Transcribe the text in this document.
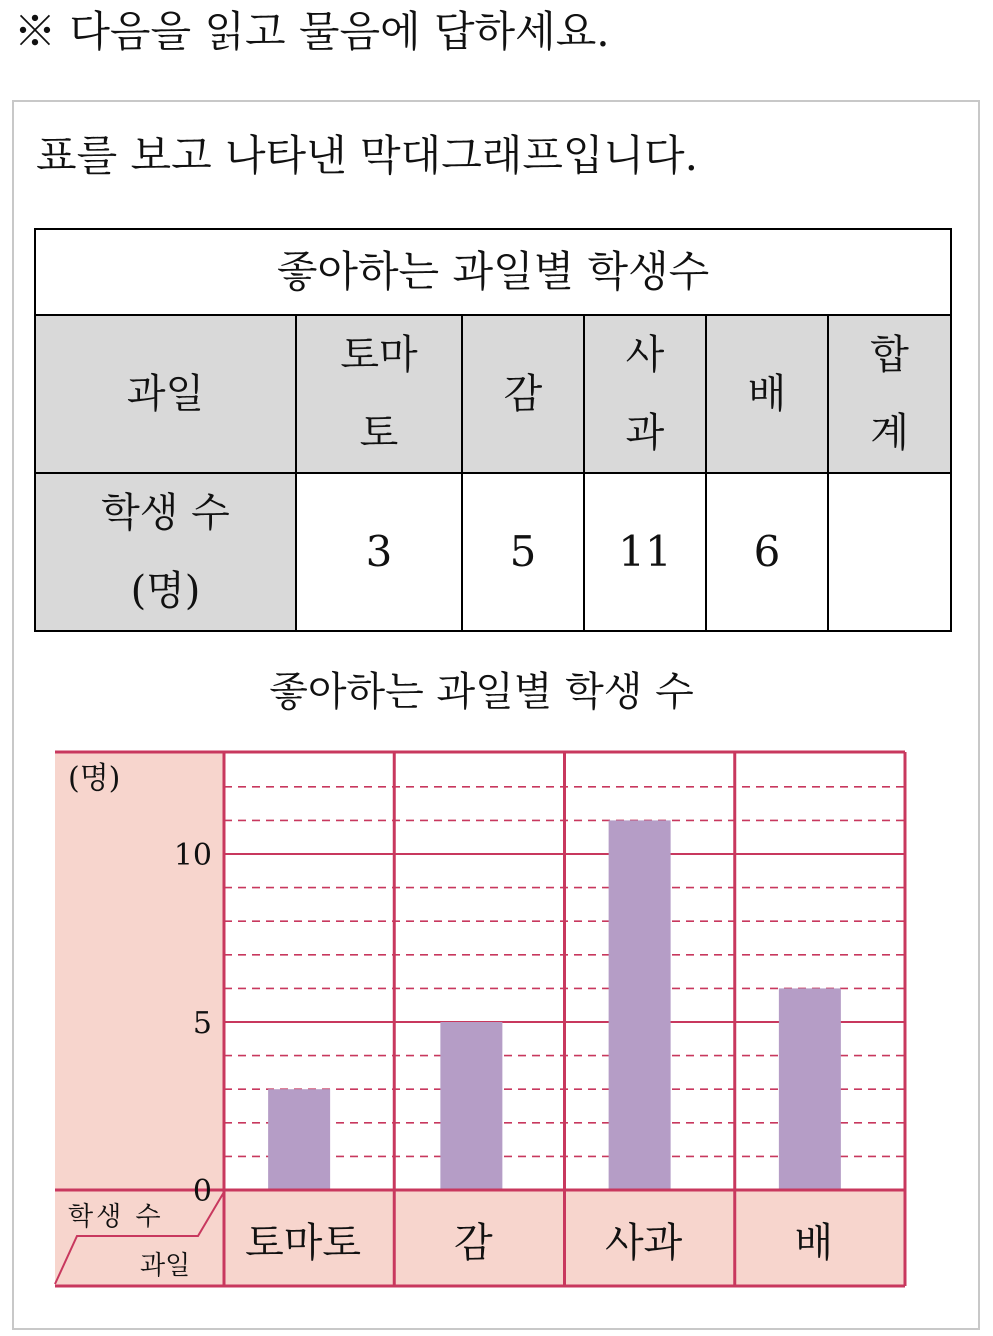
※ 다음을 읽고 물음에 답하세요.
표를 보고 나타낸 막대그래프입니다.
좋아하는 과일별 학생수					
과일	토마토	감	사과	배	합계
학생 수 (명)	3	5	11	6	
좋아하는 과일별 학생 수
0
5
10
(명)
학생 수
과일 토마토 감	사과	배
